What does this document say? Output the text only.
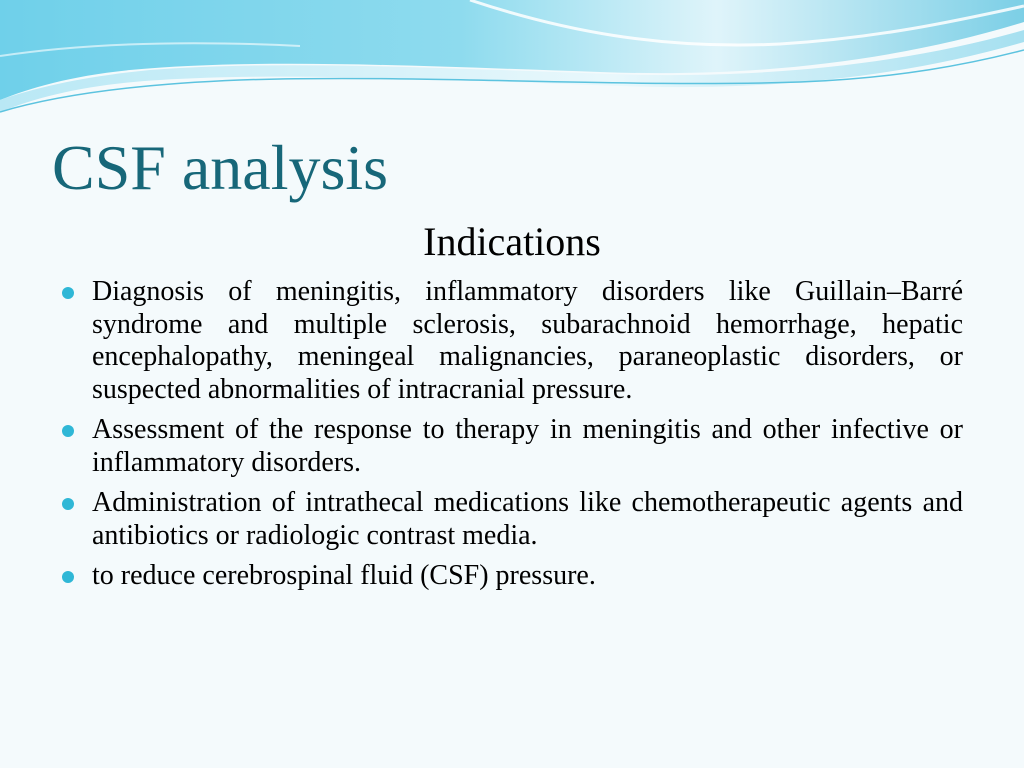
CSF analysis
Indications
Diagnosis of meningitis, inflammatory disorders like Guillain–Barré syndrome and multiple sclerosis, subarachnoid hemorrhage, hepatic encephalopathy, meningeal malignancies, paraneoplastic disorders, or suspected abnormalities of intracranial pressure.
Assessment of the response to therapy in meningitis and other infective or inflammatory disorders.
Administration of intrathecal medications like chemotherapeutic agents and antibiotics or radiologic contrast media.
to reduce cerebrospinal fluid (CSF) pressure.
